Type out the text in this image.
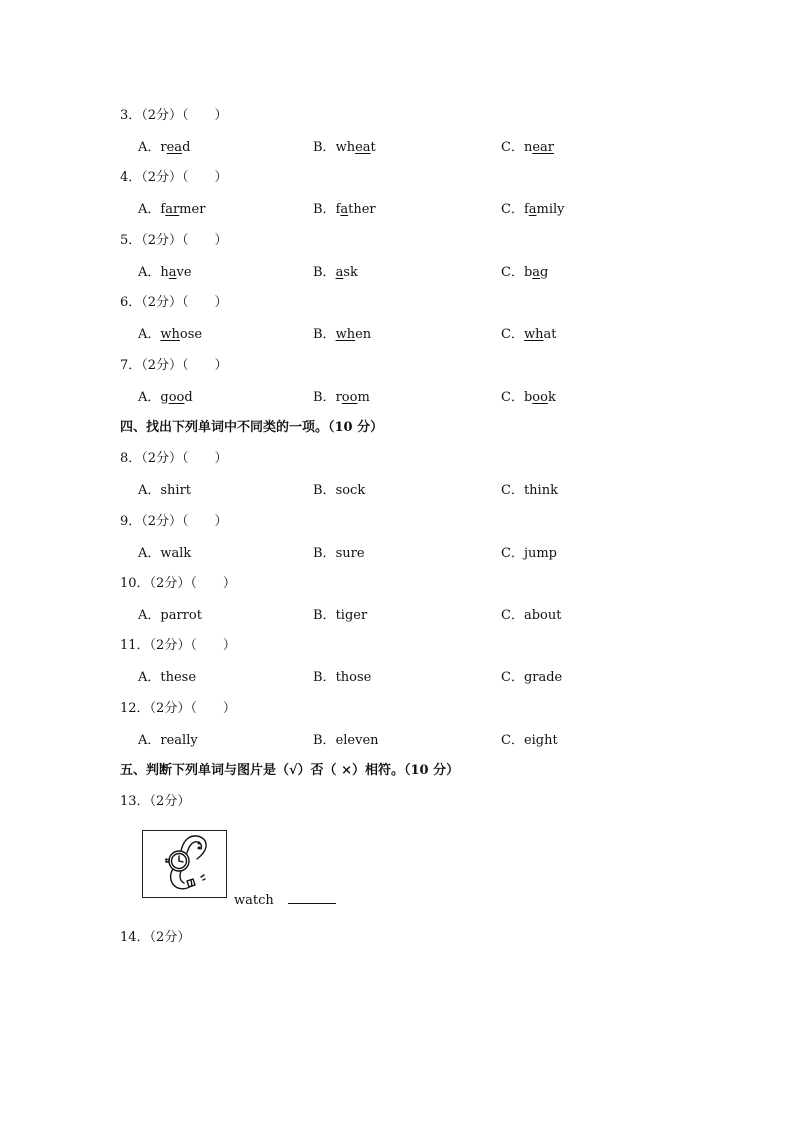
3．（2分）（　　）
A．read	B．wheat	C．near
4．（2分）（　　）
A．farmer	B．father	C．family
5．（2分）（　　）
A．have	B．ask	C．bag
6．（2分）（　　）
A．whose	B．when	C．what
7．（2分）（　　）
A．good	B．room	C．book
四、找出下列单词中不同类的一项。（10 分）
8．（2分）（　　）
A．shirt	B．sock	C．think
9．（2分）（　　）
A．walk	B．sure	C．jump
10．（2分）（　　）
A．parrot	B．tiger	C．about
11．（2分）（　　）
A．these	B．those	C．grade
12．（2分）（　　）
A．really	B．eleven	C．eight
五、判断下列单词与图片是（√）否（ ×）相符。（10 分）
13．（2分）
watch
14．（2分）
